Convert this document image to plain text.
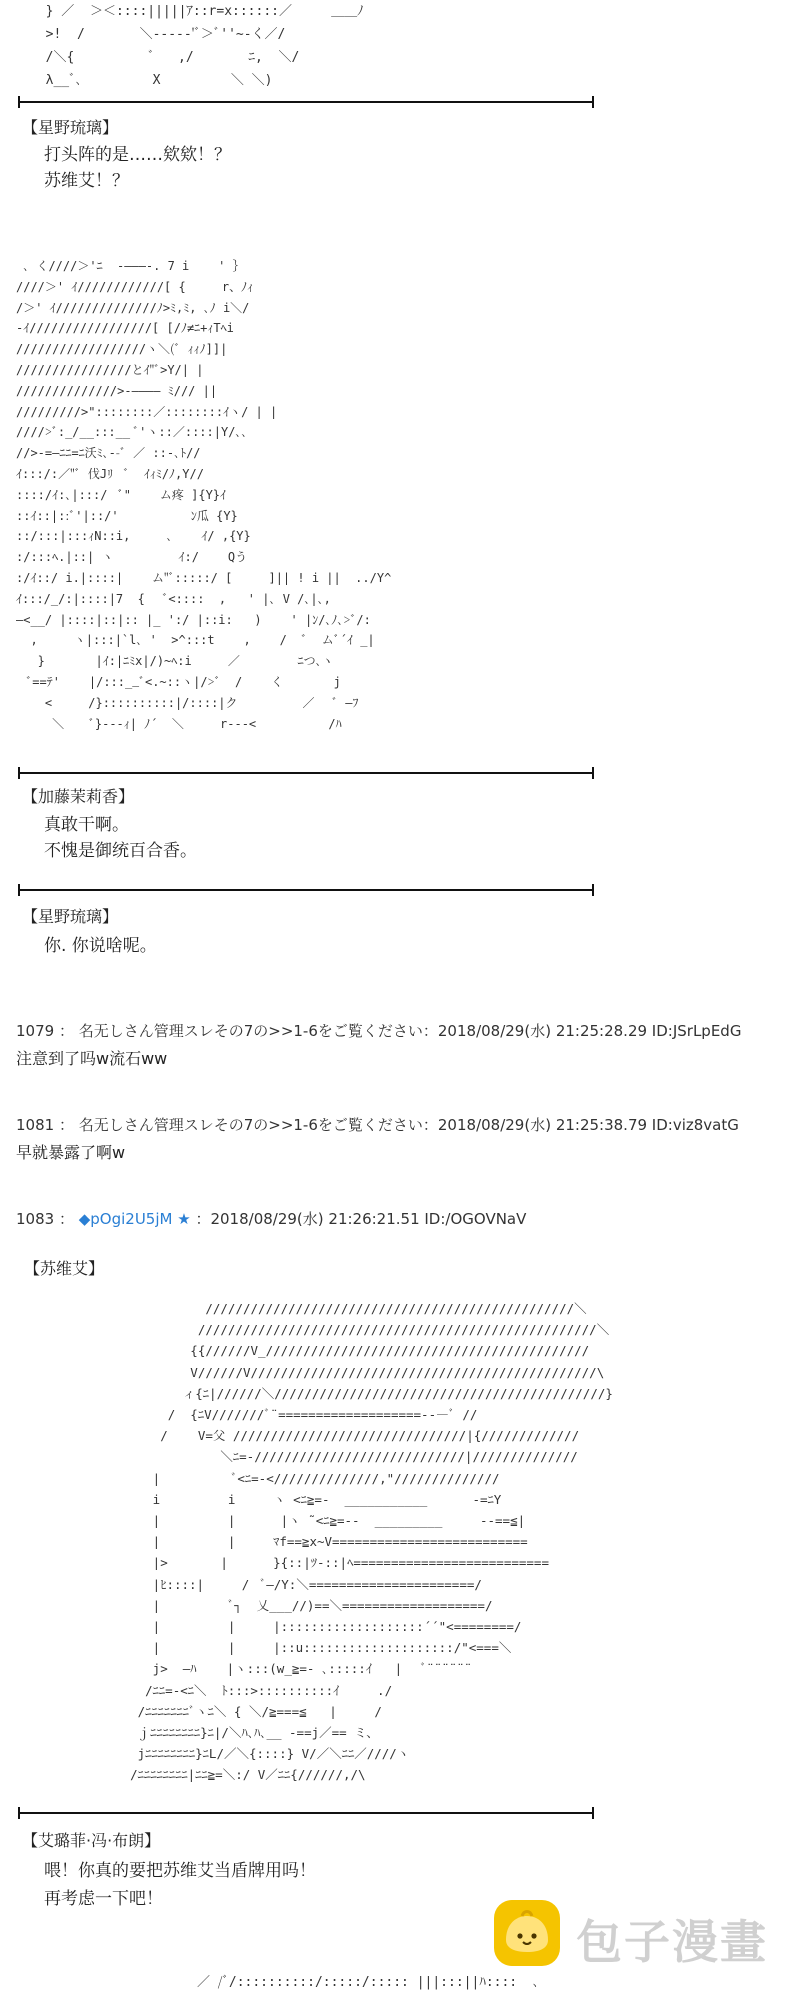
} ／  ＞＜::::|||||ｱ::r=x::::::／     ＿＿ﾉ
>!  /       ＼-----'ﾞ＞ﾞ''~-く／/
/＼{          ﾞ   ,/       ﾆ,  ＼/
λ__ﾞ､         X         ＼ ＼)
【星野琉璃】
打头阵的是……欸欸！？
苏维艾！？
､ く////＞'ﾆ  -―――‐. 7 i    ' ｝
////＞' ｲ////////////[ {     r、ﾉｨ
/＞' ｲ//////////////ﾉ>ﾐ,ﾐ, ､ﾉ i＼/
-ｲ/////////////////[ [/ﾉ≠ﾆ+ｨTﾍi
//////////////////ヽ＼(ﾞ ｨｨﾉ]]|
////////////////とｲ"ﾞ>Y/| |
//////////////>-―――― ﾐ/// ||
/////////>"::::::::／::::::::ｲヽ/ | |
////>ﾞ:_/__:::__ ﾞ'ヽ::／::::|Y/､､
//>-=―ﾆﾆ=ﾆ沃ﾐ､--ﾞ ／ ::-､ﾄ//
ｲ:::/:／"ﾞ 伐Jﾘ  ﾞ  ｲｨﾐ/ﾉ,Y//
::::/ｲ:､|:::/  ﾞ"    ム疼 ]{Y}ｲ
::ｲ::|::ﾞ'|::/'          ﾝ瓜 {Y}
::/:::|:::ｨN::i,     ､    ｲ/ ,{Y}
:/:::ﾍ.|::| ヽ         ｲ:/    Qう
:/ｲ::/ i.|::::|    ム"ﾞ:::::/ [     ]|| ! i ||  ../Y^
ｲ:::/_/:|::::|7  {   ﾞ<::::  ,   ' |､ V /､|､,
―<__/ |::::|::|:: |_ ':/ |::i:   )    ' |ﾝ/､ﾉ､>ﾞ/:
,     ヽ|:::|`l､ '  >^:::t    ,    /  ﾞ  ムﾞ´ｲ _|
}       |ｲ:|ﾆﾐx|/)~ﾍ:i     ／        ﾆつ､ヽ
ﾞ==ﾃ'    |/:::__ﾞ<.~::ヽ|/>ﾞ  /    く       j
<     /}::::::::::|/::::|ク         ／   ﾞ ―ﾌ
＼    ﾞ}---ｨ| ﾉ´  ＼     r---<          /ﾊ
【加藤茉莉香】
真敢干啊。
不愧是御统百合香。
【星野琉璃】
你. 你说啥呢。
1079 ： 名无しさん管理スレその7の>>1-6をご覧ください：2018/08/29(水) 21:25:28.29 ID:JSrLpEdG
注意到了吗w流石ww
1081 ： 名无しさん管理スレその7の>>1-6をご覧ください：2018/08/29(水) 21:25:38.79 ID:viz8vatG
早就暴露了啊w
1083 ： ◆pOgi2U5jM ★ ：2018/08/29(水) 21:26:21.51 ID:/OGOVNaV
【苏维艾】
/////////////////////////////////////////////////＼
/////////////////////////////////////////////////////＼
{{//////V_///////////////////////////////////////////
V//////V//////////////////////////////////////////////\
ィ{ﾆ|//////＼////////////////////////////////////////////}
/  {ﾆV///////ﾞ¨===================--―ﾞ //
/    V=父 ///////////////////////////////|{/////////////
＼ﾆ=-////////////////////////////|//////////////
|          ﾞ<ﾆ=-<//////////////,"//////////////
i         i     ヽ <ﾆ≧=-  ___________      -=ﾆY
|         |      |ヽ ˜<ﾆ≧=--  _________     --==≦|
|         |     ﾏf==≧x~V==========================
|>       |      }{::|ﾂ-::|ﾍ==========================
|ﾋ::::|     /  ﾞ―/Y:＼======================/
|         ﾞ┐  乂___//)==＼===================/
|         |     |:::::::::::::::::::´´"<========/
|         |     |::u::::::::::::::::::::/"<===＼
j>  ―ﾊ    |ヽ:::(w_≧=- ､:::::ｲ   |   ﾞ¨¨¨¨¨¨
/ﾆﾆ=-<ﾆ＼  ﾄ:::>::::::::::ｲ     ./
/ﾆﾆﾆﾆﾆﾆﾆﾞヽﾆ＼ { ＼/≧===≦   |     /
ｊﾆﾆﾆﾆﾆﾆﾆﾆ}ﾆ|/＼ﾊ､ﾊ､__ -==j／== ミ、
jﾆﾆﾆﾆﾆﾆﾆﾆ}ﾆL/／＼{::::} V/／＼ﾆﾆ／////ヽ
/ﾆﾆﾆﾆﾆﾆﾆﾆ|ﾆﾆ≧=＼:/ V／ﾆﾆ{//////,/\
【艾璐菲·冯·布朗】
喂！你真的要把苏维艾当盾牌用吗！
再考虑一下吧！
／ /ﾞ/::::::::::/:::::/::::: |||:::||ﾊ::::  ､
包子漫畫
